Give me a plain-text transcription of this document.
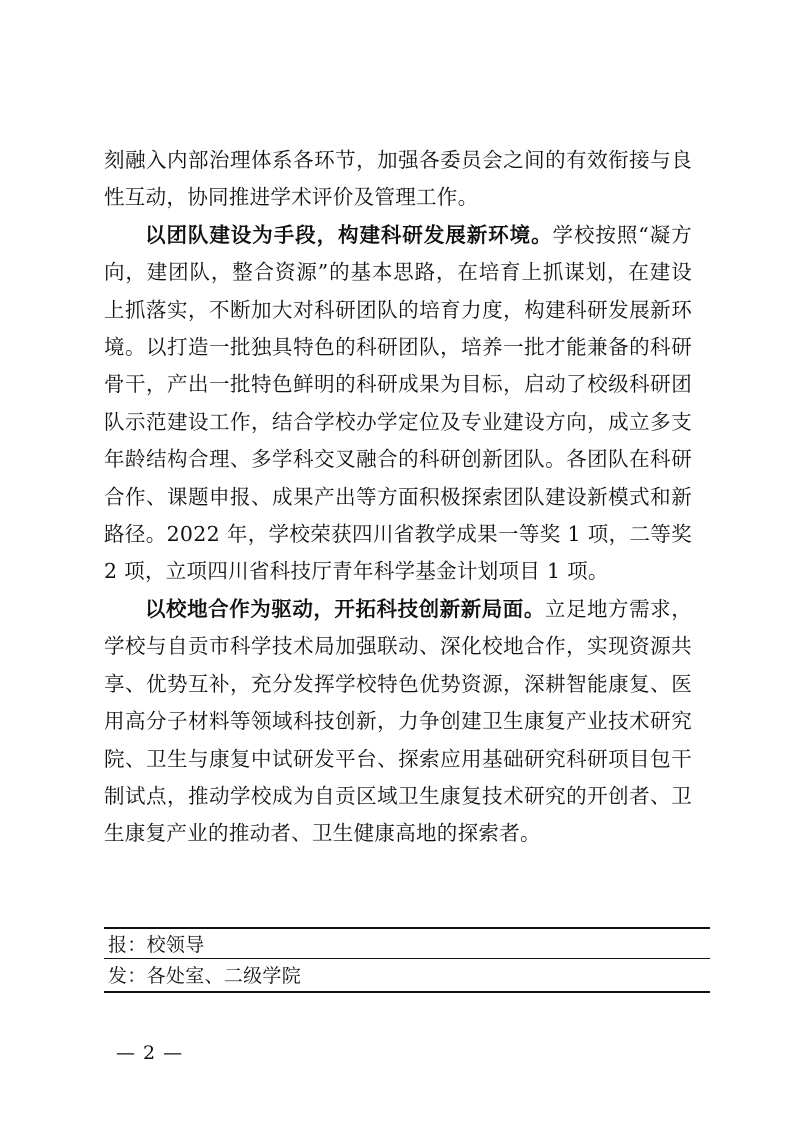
刻融入内部治理体系各环节，加强各委员会之间的有效衔接与良性互动，协同推进学术评价及管理工作。

以团队建设为手段，构建科研发展新环境。学校按照“凝方向，建团队，整合资源”的基本思路，在培育上抓谋划，在建设上抓落实，不断加大对科研团队的培育力度，构建科研发展新环境。以打造一批独具特色的科研团队，培养一批才能兼备的科研骨干，产出一批特色鲜明的科研成果为目标，启动了校级科研团队示范建设工作，结合学校办学定位及专业建设方向，成立多支年龄结构合理、多学科交叉融合的科研创新团队。各团队在科研合作、课题申报、成果产出等方面积极探索团队建设新模式和新路径。2022 年，学校荣获四川省教学成果一等奖 1 项，二等奖 2 项，立项四川省科技厅青年科学基金计划项目 1 项。

以校地合作为驱动，开拓科技创新新局面。立足地方需求，学校与自贡市科学技术局加强联动、深化校地合作，实现资源共享、优势互补，充分发挥学校特色优势资源，深耕智能康复、医用高分子材料等领域科技创新，力争创建卫生康复产业技术研究院、卫生与康复中试研发平台、探索应用基础研究科研项目包干制试点，推动学校成为自贡区域卫生康复技术研究的开创者、卫生康复产业的推动者、卫生健康高地的探索者。

报：校领导
发：各处室、二级学院
— 2 —
